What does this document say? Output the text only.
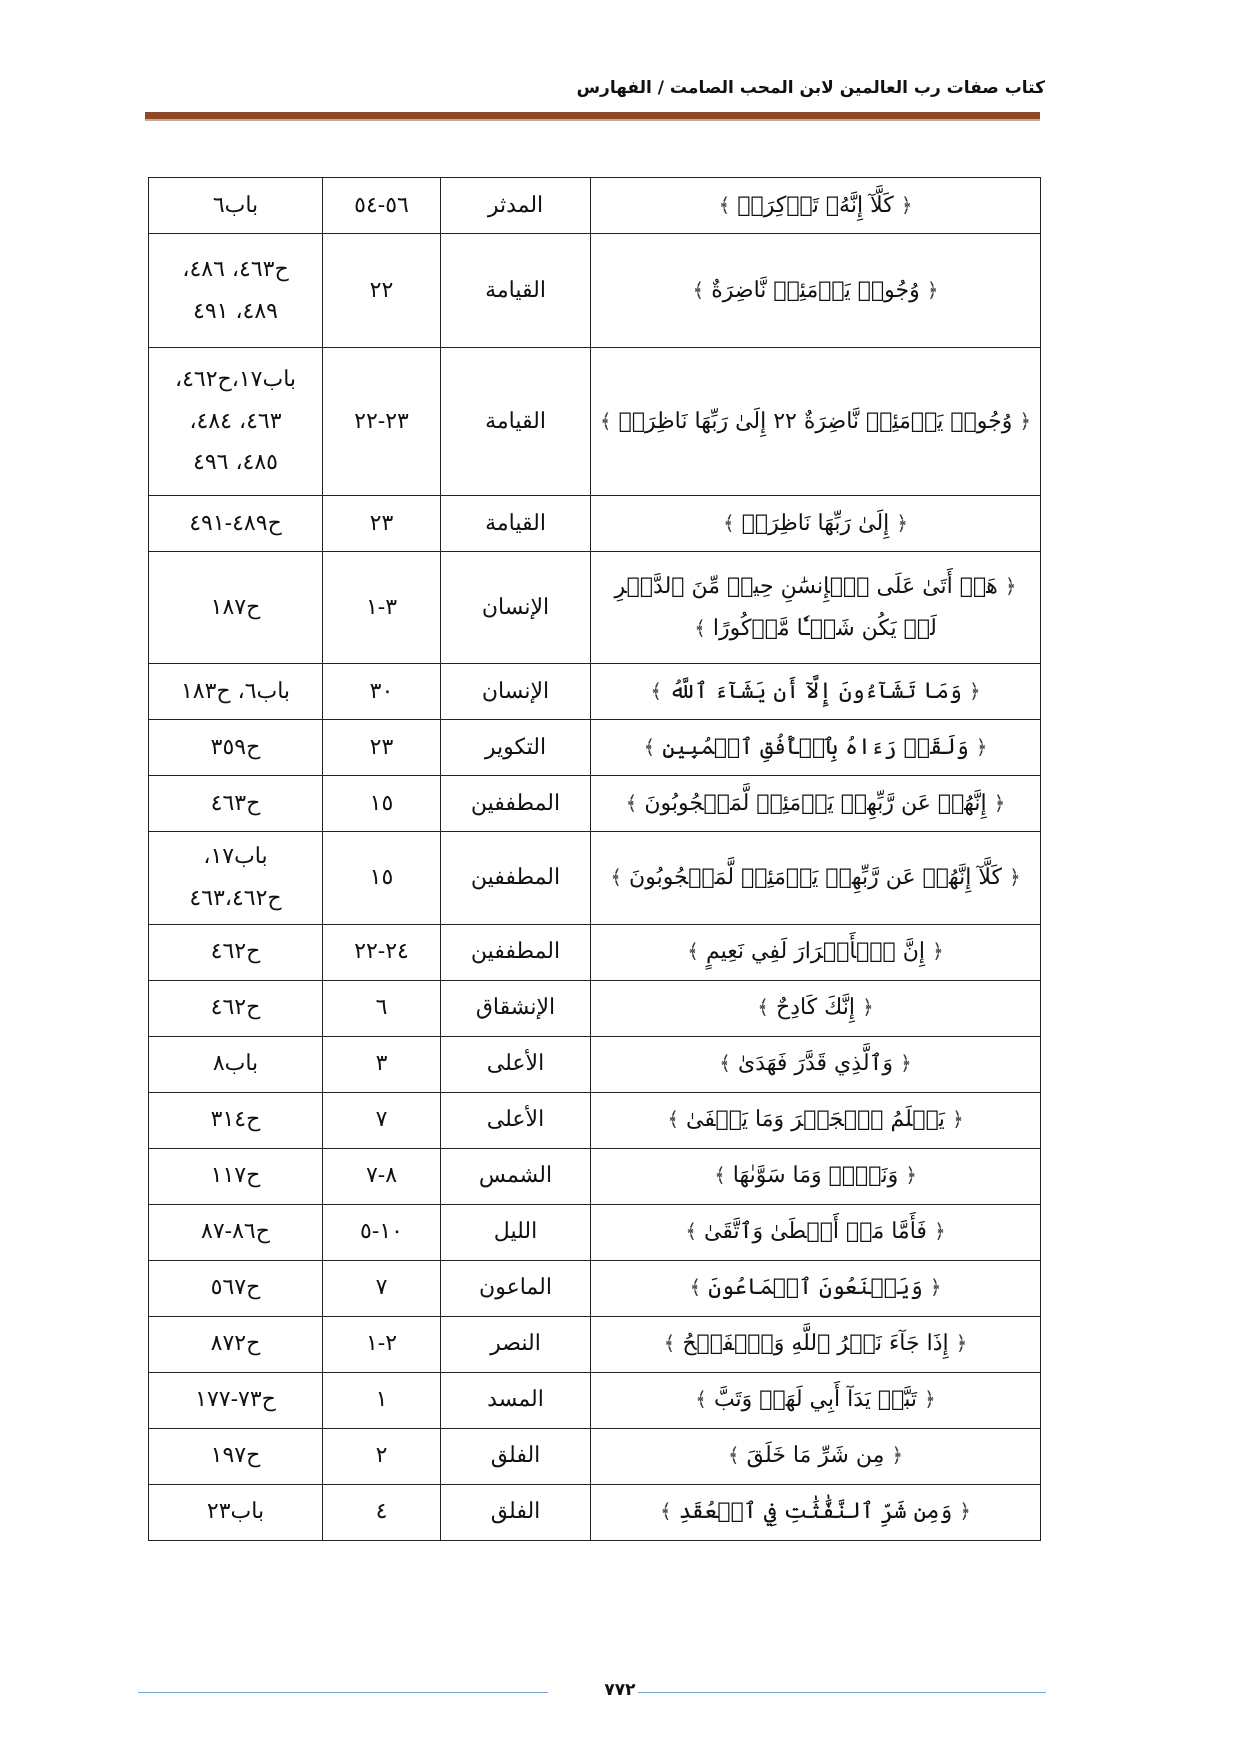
كتاب صفات رب العالمين لابن المحب الصامت / الفهارس
﴿ كَلَّآ إِنَّهُۥ تَذۡكِرَةٞ ﴾	المدثر	٥٦-٥٤	باب٦
﴿ وُجُوهٞ يَوۡمَئِذٖ نَّاضِرَةٌ ﴾	القيامة	٢٢	ح٤٦٣، ٤٨٦،
٤٨٩، ٤٩١
﴿ وُجُوهٞ يَوۡمَئِذٖ نَّاضِرَةٌ ٢٢ إِلَىٰ رَبِّهَا نَاظِرَةٞ ﴾	القيامة	٢٣-٢٢	باب١٧،ح٤٦٢،
٤٦٣، ٤٨٤،
٤٨٥، ٤٩٦
﴿ إِلَىٰ رَبِّهَا نَاظِرَةٞ ﴾	القيامة	٢٣	ح٤٨٩-٤٩١
﴿ هَلۡ أَتَىٰ عَلَى ٱلۡإِنسَٰنِ حِينٞ مِّنَ ٱلدَّهۡرِ لَمۡ يَكُن شَيۡـٔٗا مَّذۡكُورًا ﴾	الإنسان	٣-١	ح١٨٧
﴿ وَمَا تَشَآءُونَ إِلَّآ أَن يَشَآءَ ٱللَّهُ ﴾	الإنسان	٣٠	باب٦، ح١٨٣
﴿ وَلَقَدۡ رَءَاهُ بِٱلۡأُفُقِ ٱلۡمُبِينِ ﴾	التكوير	٢٣	ح٣٥٩
﴿ إِنَّهُمۡ عَن رَّبِّهِمۡ يَوۡمَئِذٖ لَّمَحۡجُوبُونَ ﴾	المطففين	١٥	ح٤٦٣
﴿ كَلَّآ إِنَّهُمۡ عَن رَّبِّهِمۡ يَوۡمَئِذٖ لَّمَحۡجُوبُونَ ﴾	المطففين	١٥	باب١٧،
ح٤٦٣،٤٦٢
﴿ إِنَّ ٱلۡأَبۡرَارَ لَفِي نَعِيمٍ ﴾	المطففين	٢٤-٢٢	ح٤٦٢
﴿ إِنَّكَ كَادِحٌ ﴾	الإنشقاق	٦	ح٤٦٢
﴿ وَٱلَّذِي قَدَّرَ فَهَدَىٰ ﴾	الأعلى	٣	باب٨
﴿ يَعۡلَمُ ٱلۡجَهۡرَ وَمَا يَخۡفَىٰ ﴾	الأعلى	٧	ح٣١٤
﴿ وَنَفۡسٖ وَمَا سَوَّىٰهَا ﴾	الشمس	٨-٧	ح١١٧
﴿ فَأَمَّا مَنۡ أَعۡطَىٰ وَٱتَّقَىٰ ﴾	الليل	١٠-٥	ح٨٦-٨٧
﴿ وَيَمۡنَعُونَ ٱلۡمَاعُونَ ﴾	الماعون	٧	ح٥٦٧
﴿ إِذَا جَآءَ نَصۡرُ ٱللَّهِ وَٱلۡفَتۡحُ ﴾	النصر	٢-١	ح٨٧٢
﴿ تَبَّتۡ يَدَآ أَبِي لَهَبٖ وَتَبَّ ﴾	المسد	١	ح٧٣-١٧٧
﴿ مِن شَرِّ مَا خَلَقَ ﴾	الفلق	٢	ح١٩٧
﴿ وَمِن شَرِّ ٱلنَّفَّٰثَٰتِ فِي ٱلۡعُقَدِ ﴾	الفلق	٤	باب٢٣
٧٧٢
